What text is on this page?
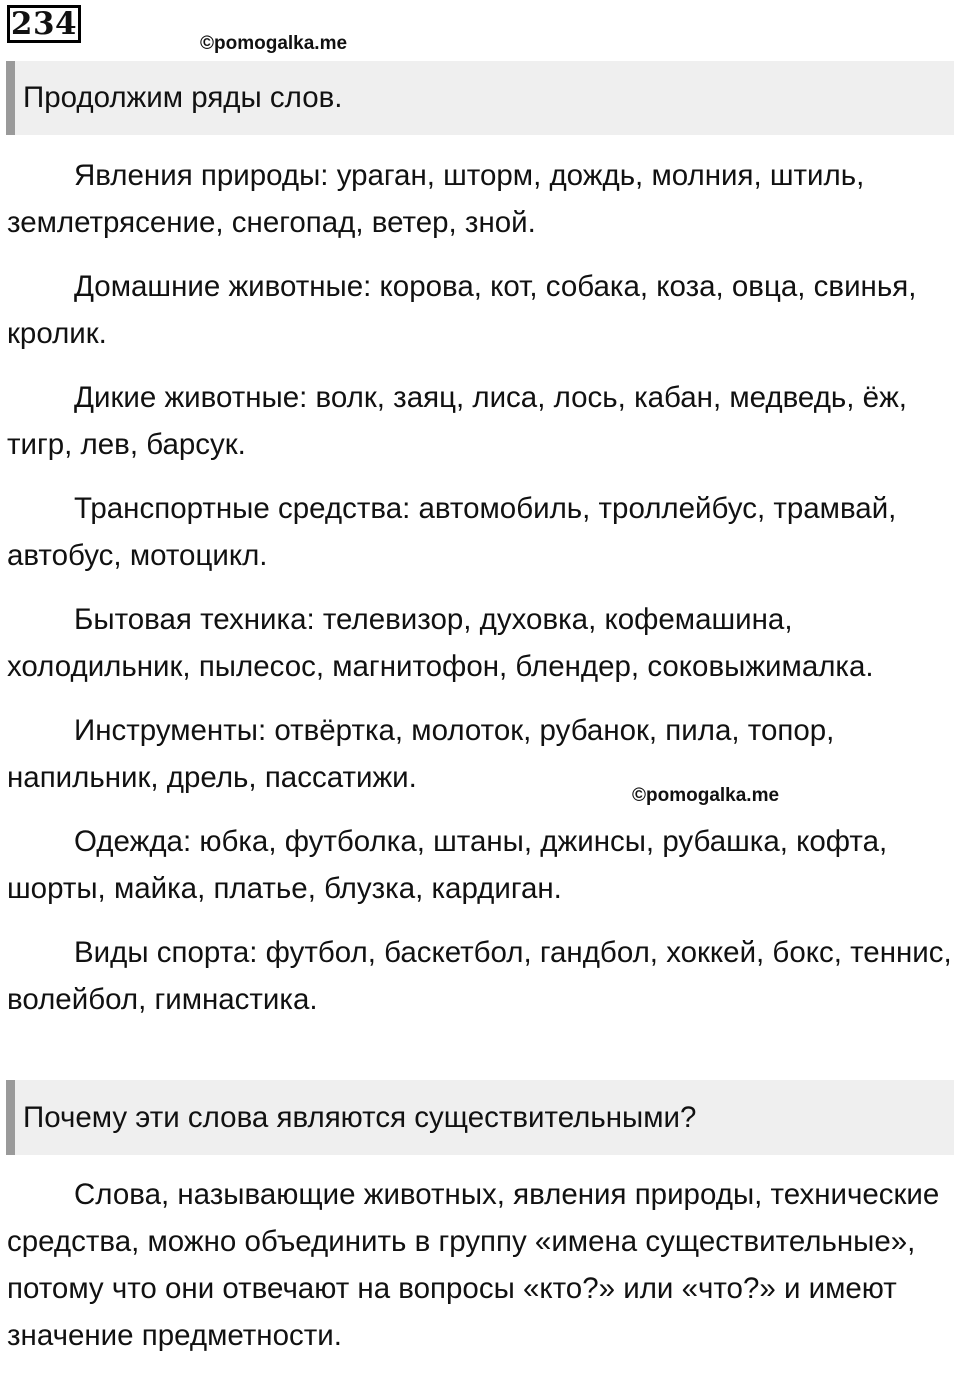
234
©pomogalka.me
Продолжим ряды слов.

Явления природы: ураган, шторм, дождь, молния, штиль, землетрясение, снегопад, ветер, зной.

Домашние животные: корова, кот, собака, коза, овца, свинья, кролик.

Дикие животные: волк, заяц, лиса, лось, кабан, медведь, ёж, тигр, лев, барсук.

Транспортные средства: автомобиль, троллейбус, трамвай, автобус, мотоцикл.

Бытовая техника: телевизор, духовка, кофемашина, холодильник, пылесос, магнитофон, блендер, соковыжималка.

Инструменты: отвёртка, молоток, рубанок, пила, топор, напильник, дрель, пассатижи.

Одежда: юбка, футболка, штаны, джинсы, рубашка, кофта, шорты, майка, платье, блузка, кардиган.

Виды спорта: футбол, баскетбол, гандбол, хоккей, бокс, теннис, волейбол, гимнастика.

©pomogalka.me
Почему эти слова являются существительными?

Слова, называющие животных, явления природы, технические средства, можно объединить в группу «имена существительные», потому что они отвечают на вопросы «кто?» или «что?» и имеют значение предметности.
